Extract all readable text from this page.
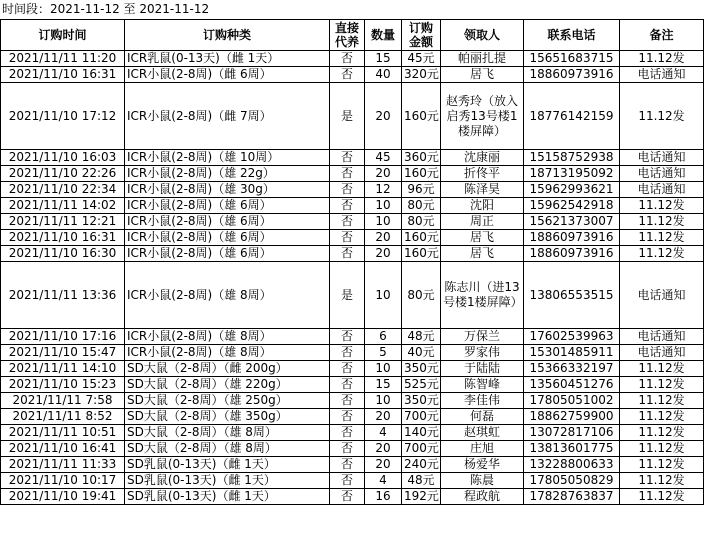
时间段：2021-11-12 至 2021-11-12
订购时间	订购种类	直接代养	数量	订购金额	领取人	联系电话	备注
2021/11/11 11:20	ICR乳鼠(0-13天)（雌 1天）	否	15	45元	帕丽扎提	15651683715	11.12发
2021/11/10 16:31	ICR小鼠(2-8周)（雌 6周）	否	40	320元	居飞	18860973916	电话通知
2021/11/10 17:12	ICR小鼠(2-8周)（雌 7周）	是	20	160元	赵秀玲（放入启秀13号楼1楼屏障）	18776142159	11.12发
2021/11/10 16:03	ICR小鼠(2-8周)（雄 10周）	否	45	360元	沈康丽	15158752938	电话通知
2021/11/10 22:26	ICR小鼠(2-8周)（雄 22g）	否	20	160元	折佟平	18713195092	电话通知
2021/11/10 22:34	ICR小鼠(2-8周)（雄 30g）	否	12	96元	陈泽昊	15962993621	电话通知
2021/11/11 14:02	ICR小鼠(2-8周)（雄 6周）	否	10	80元	沈阳	15962542918	11.12发
2021/11/11 12:21	ICR小鼠(2-8周)（雄 6周）	否	10	80元	周正	15621373007	11.12发
2021/11/10 16:31	ICR小鼠(2-8周)（雄 6周）	否	20	160元	居飞	18860973916	11.12发
2021/11/10 16:30	ICR小鼠(2-8周)（雄 6周）	否	20	160元	居飞	18860973916	11.12发
2021/11/11 13:36	ICR小鼠(2-8周)（雄 8周）	是	10	80元	陈志川（进13号楼1楼屏障）	13806553515	电话通知
2021/11/10 17:16	ICR小鼠(2-8周)（雄 8周）	否	6	48元	万保兰	17602539963	电话通知
2021/11/10 15:47	ICR小鼠(2-8周)（雄 8周）	否	5	40元	罗家伟	15301485911	电话通知
2021/11/11 14:10	SD大鼠（2-8周）（雌 200g）	否	10	350元	于陆陆	15366332197	11.12发
2021/11/10 15:23	SD大鼠（2-8周）（雄 220g）	否	15	525元	陈智峰	13560451276	11.12发
2021/11/11 7:58	SD大鼠（2-8周）（雄 250g）	否	10	350元	李佳伟	17805051002	11.12发
2021/11/11 8:52	SD大鼠（2-8周）（雄 350g）	否	20	700元	何磊	18862759900	11.12发
2021/11/11 10:51	SD大鼠（2-8周）（雄 8周）	否	4	140元	赵琪虹	13072817106	11.12发
2021/11/10 16:41	SD大鼠（2-8周）（雄 8周）	否	20	700元	庄旭	13813601775	11.12发
2021/11/11 11:33	SD乳鼠(0-13天)（雌 1天）	否	20	240元	杨爱华	13228800633	11.12发
2021/11/10 10:17	SD乳鼠(0-13天)（雌 1天）	否	4	48元	陈晨	17805050829	11.12发
2021/11/10 19:41	SD乳鼠(0-13天)（雌 1天）	否	16	192元	程政航	17828763837	11.12发
